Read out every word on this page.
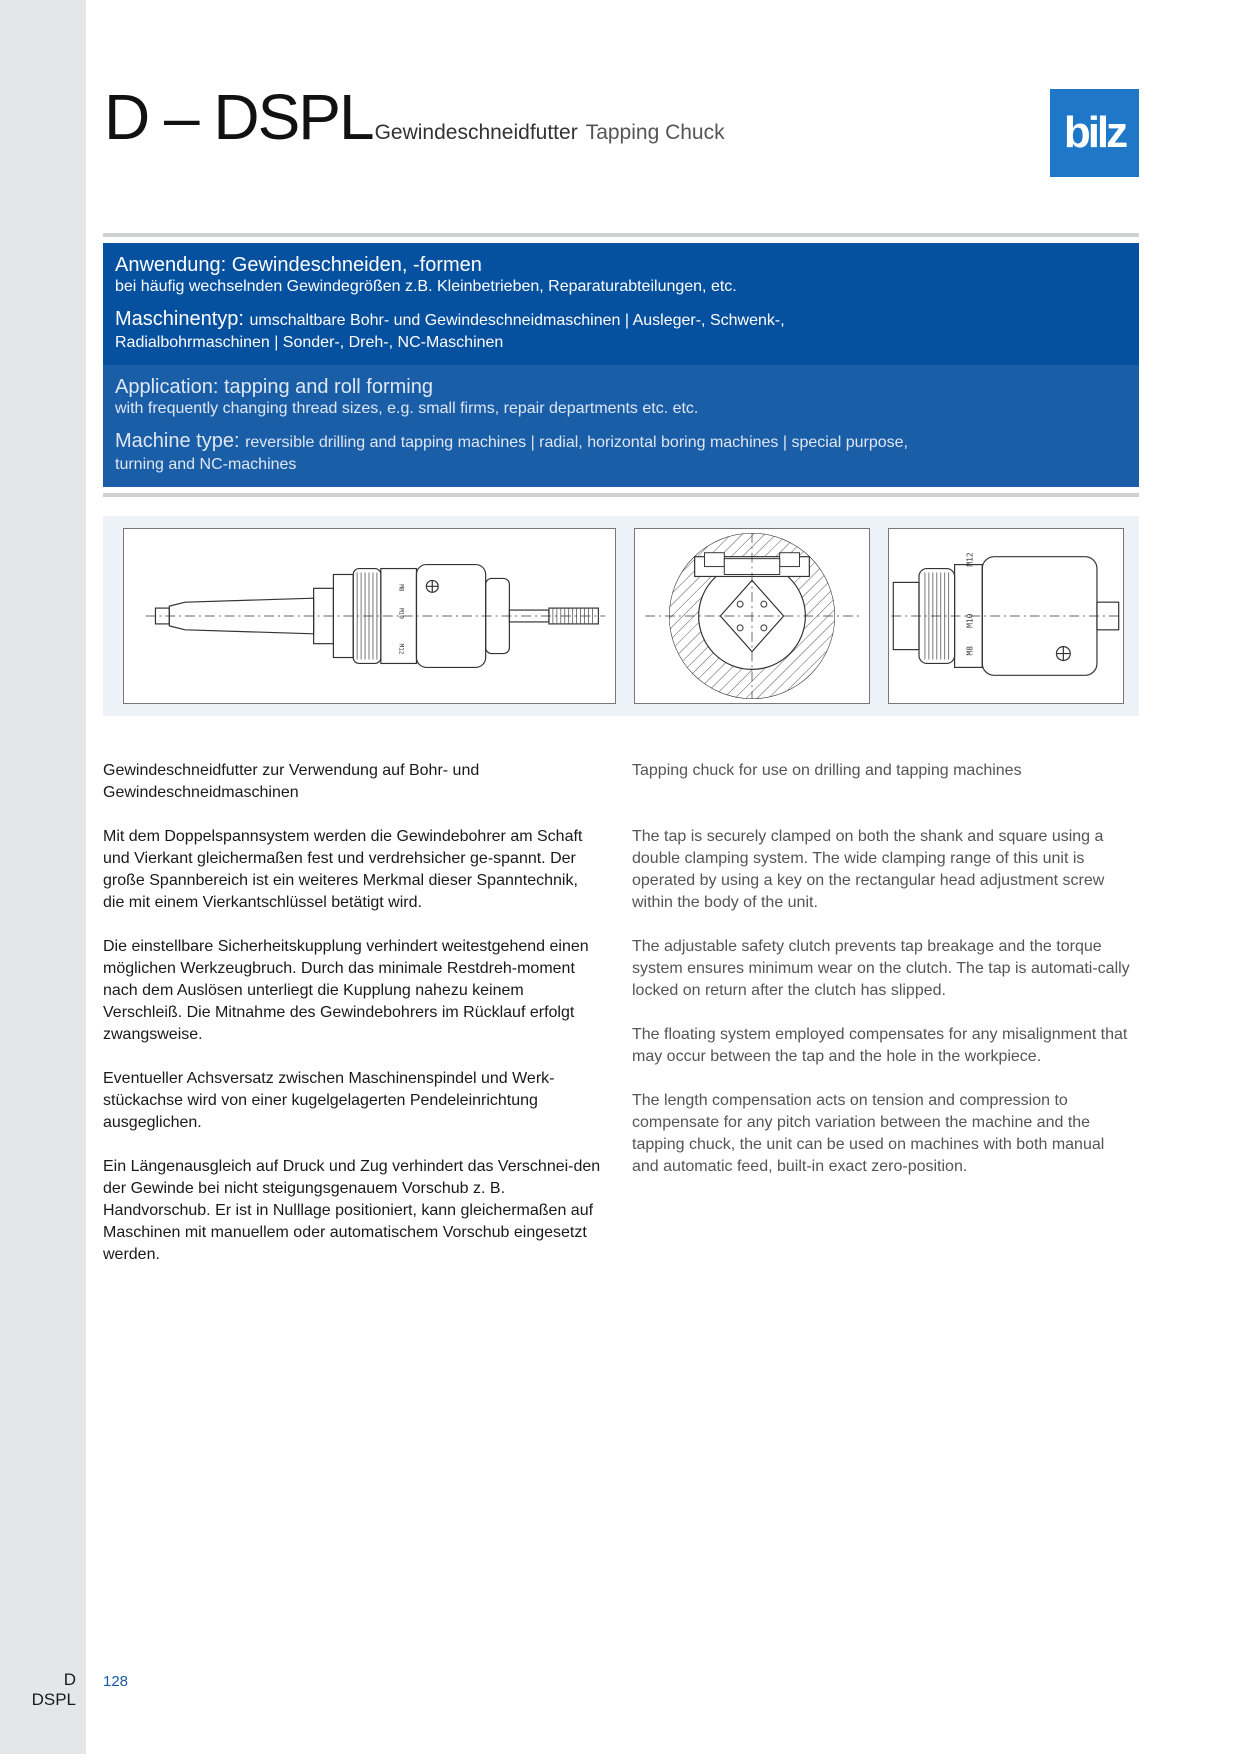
D
DSPL
D – DSPLGewindeschneidfutter Tapping Chuck	bilz
Anwendung: Gewindeschneiden, -formen
bei häufig wechselnden Gewindegrößen z.B. Kleinbetrieben, Reparaturabteilungen, etc.
Maschinentyp: umschaltbare Bohr- und Gewindeschneidmaschinen | Ausleger-, Schwenk-,
Radialbohrmaschinen | Sonder-, Dreh-, NC-Maschinen
Application: tapping and roll forming
with frequently changing thread sizes, e.g. small firms, repair departments etc. etc.
Machine type: reversible drilling and tapping machines | radial, horizontal boring machines | special purpose,
turning and NC-machines
M8
M10
M12
M12
M10
M8

Gewindeschneidfutter zur Verwendung auf Bohr- und
Gewindeschneidmaschinen

Mit dem Doppelspannsystem werden die Gewindebohrer am Schaft und Vierkant gleichermaßen fest und verdrehsicher ge-spannt. Der große Spannbereich ist ein weiteres Merkmal dieser Spanntechnik, die mit einem Vierkantschlüssel betätigt wird.

Die einstellbare Sicherheitskupplung verhindert weitestgehend einen möglichen Werkzeugbruch. Durch das minimale Restdreh-moment nach dem Auslösen unterliegt die Kupplung nahezu keinem Verschleiß. Die Mitnahme des Gewindebohrers im Rücklauf erfolgt zwangsweise.

Eventueller Achsversatz zwischen Maschinenspindel und Werk-stückachse wird von einer kugelgelagerten Pendeleinrichtung ausgeglichen.

Ein Längenausgleich auf Druck und Zug verhindert das Verschnei-den der Gewinde bei nicht steigungsgenauem Vorschub z. B. Handvorschub. Er ist in Nulllage positioniert, kann gleichermaßen auf Maschinen mit manuellem oder automatischem Vorschub eingesetzt werden.

Tapping chuck for use on drilling and tapping machines

The tap is securely clamped on both the shank and square using a double clamping system. The wide clamping range of this unit is operated by using a key on the rectangular head adjustment screw within the body of the unit.

The adjustable safety clutch prevents tap breakage and the torque system ensures minimum wear on the clutch. The tap is automati-cally locked on return after the clutch has slipped.

The floating system employed compensates for any misalignment that may occur between the tap and the hole in the workpiece.

The length compensation acts on tension and compression to compensate for any pitch variation between the machine and the tapping chuck, the unit can be used on machines with both manual and automatic feed, built-in exact zero-position.

128
